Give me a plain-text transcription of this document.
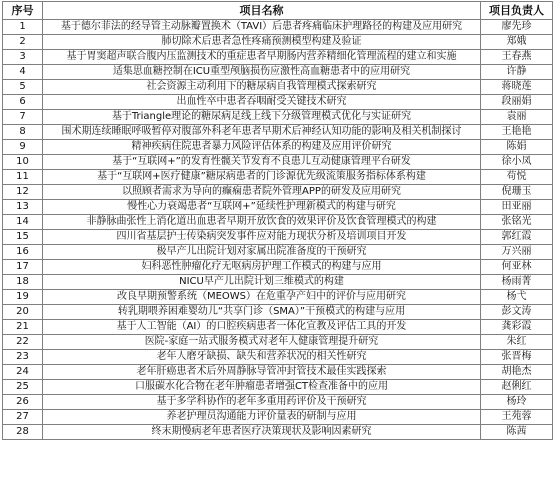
序号	项目名称	项目负责人
1	基于德尔菲法的经导管主动脉瓣置换术（TAVI）后患者疼痛临床护理路径的构建及应用研究	廖先珍
2	肺切除术后患者急性疼痛预测模型构建及验证	郑娥
3	基于胃窦超声联合腹内压监测技术的重症患者早期肠内营养精细化管理流程的建立和实施	王春燕
4	适集思血糖控制在ICU重型颅脑损伤应激性高血糖患者中的应用研究	许静
5	社会资源主动利用下的糖尿病自我管理模式探索研究	蒋晓莲
6	出血性卒中患者吞咽耐受关键技术研究	段丽娟
7	基于Triangle理论的糖尿病足线上线下分级管理模式优化与实证研究	袁丽
8	围术期连续睡眠呼吸暂停对腹部外科老年患者早期术后神经认知功能的影响及相关机制探讨	王艳艳
9	精神疾病住院患者暴力风险评估体系的构建及应用评价研究	陈娟
10	基于“互联网+”的发育性髋关节发育不良患儿互动健康管理平台研发	徐小凤
11	基于“互联网+医疗健康”糖尿病患者的门诊源优先级流策服务指标体系构建	苟悦
12	以照顾者需求为导向的癫痫患者院外管理APP的研发及应用研究	倪珊玉
13	慢性心力衰竭患者“互联网+”延续性护理新模式的构建与研究	田亚丽
14	非静脉曲张性上消化道出血患者早期开放饮食的效果评价及饮食管理模式的构建	张铭光
15	四川省基层护士传染病突发事件应对能力现状分析及培训项目开发	郭红霞
16	极早产儿出院计划对家属出院准备度的干预研究	万兴丽
17	妇科恶性肿瘤化疗无呕病房护理工作模式的构建与应用	何亚林
18	NICU早产儿出院计划三维模式的构建	杨雨菁
19	改良早期预警系统（MEOWS）在危重孕产妇中的评价与应用研究	杨弋
20	转乳期喂养困难婴幼儿“共享门诊（SMA）”干预模式的构建与应用	彭文涛
21	基于人工智能（AI）的口腔疾病患者一体化宣教及评估工具的开发	龚彩霞
22	医院-家庭一站式服务模式对老年人健康管理提升研究	朱红
23	老年人磨牙缺损、缺失和营养状况的相关性研究	张晋梅
24	老年肝癌患者术后外周静脉导管冲封管技术最佳实践探索	胡艳杰
25	口服碳水化合物在老年肿瘤患者增强CT检查准备中的应用	赵俐红
26	基于多学科协作的老年多重用药评价及干预研究	杨玲
27	养老护理员沟通能力评价量表的研制与应用	王苑蓉
28	终末期慢病老年患者医疗决策现状及影响因素研究	陈茜
